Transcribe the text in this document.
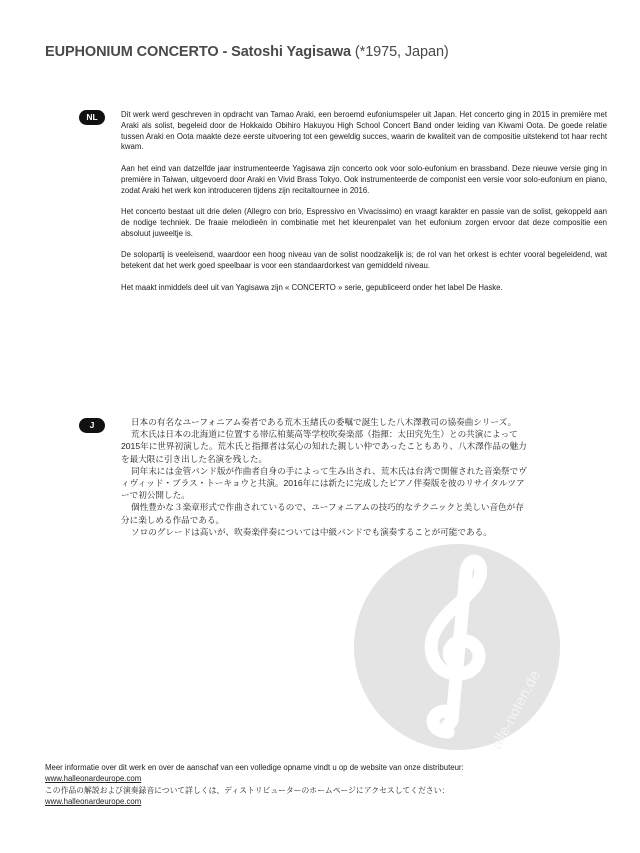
EUPHONIUM CONCERTO - Satoshi Yagisawa (*1975, Japan)
NL	Dit werk werd geschreven in opdracht van Tamao Araki, een beroemd eufoniumspeler uit Japan. Het concerto ging in 2015 in première met Araki als solist, begeleid door de Hokkaido Obihiro Hakuyou High School Concert Band onder leiding van Kiwami Oota. De goede relatie tussen Araki en Oota maakte deze eerste uitvoering tot een geweldig succes, waarin de kwaliteit van de compositie uitstekend tot haar recht kwam.

Aan het eind van datzelfde jaar instrumenteerde Yagisawa zijn concerto ook voor solo-eufonium en brassband. Deze nieuwe versie ging in première in Taiwan, uitgevoerd door Araki en Vivid Brass Tokyo. Ook instrumenteerde de componist een versie voor solo-eufonium en piano, zodat Araki het werk kon introduceren tijdens zijn recitaltournee in 2016.

Het concerto bestaat uit drie delen (Allegro con brio, Espressivo en Vivacissimo) en vraagt karakter en passie van de solist, gekoppeld aan de nodige techniek. De fraaie melodieën in combinatie met het kleurenpalet van het eufonium zorgen ervoor dat deze compositie een absoluut juweeltje is.

De solopartij is veeleisend, waardoor een hoog niveau van de solist noodzakelijk is; de rol van het orkest is echter vooral begeleidend, wat betekent dat het werk goed speelbaar is voor een standaardorkest van gemiddeld niveau.

Het maakt inmiddels deel uit van Yagisawa zijn « CONCERTO » serie, gepubliceerd onder het label De Haske.

J	日本の有名なユーフォニアム奏者である荒木玉緒氏の委嘱で誕生した八木澤教司の協奏曲シリーズ。

荒木氏は日本の北海道に位置する帯広柏葉高等学校吹奏楽部（指揮：太田究先生）との共演によって

2015年に世界初演した。荒木氏と指揮者は気心の知れた親しい仲であったこともあり、八木澤作品の魅力

を最大限に引き出した名演を残した。

同年末には金管バンド版が作曲者自身の手によって生み出され、荒木氏は台湾で開催された音楽祭でヴ

ィヴィッド・ブラス・トーキョウと共演。2016年には新たに完成したピアノ伴奏版を彼のリサイタルツア

ーで初公開した。

個性豊かな３楽章形式で作曲されているので、ユーフォニアムの技巧的なテクニックと美しい音色が存

分に楽しめる作品である。

ソロのグレードは高いが、吹奏楽伴奏については中級バンドでも演奏することが可能である。

alle-noten.de
Meer informatie over dit werk en over de aanschaf van een volledige opname vindt u op de website van onze distributeur:
www.halleonardeurope.com
この作品の解説および演奏録音について詳しくは、ディストリビューターのホームページにアクセスしてください：
www.halleonardeurope.com
